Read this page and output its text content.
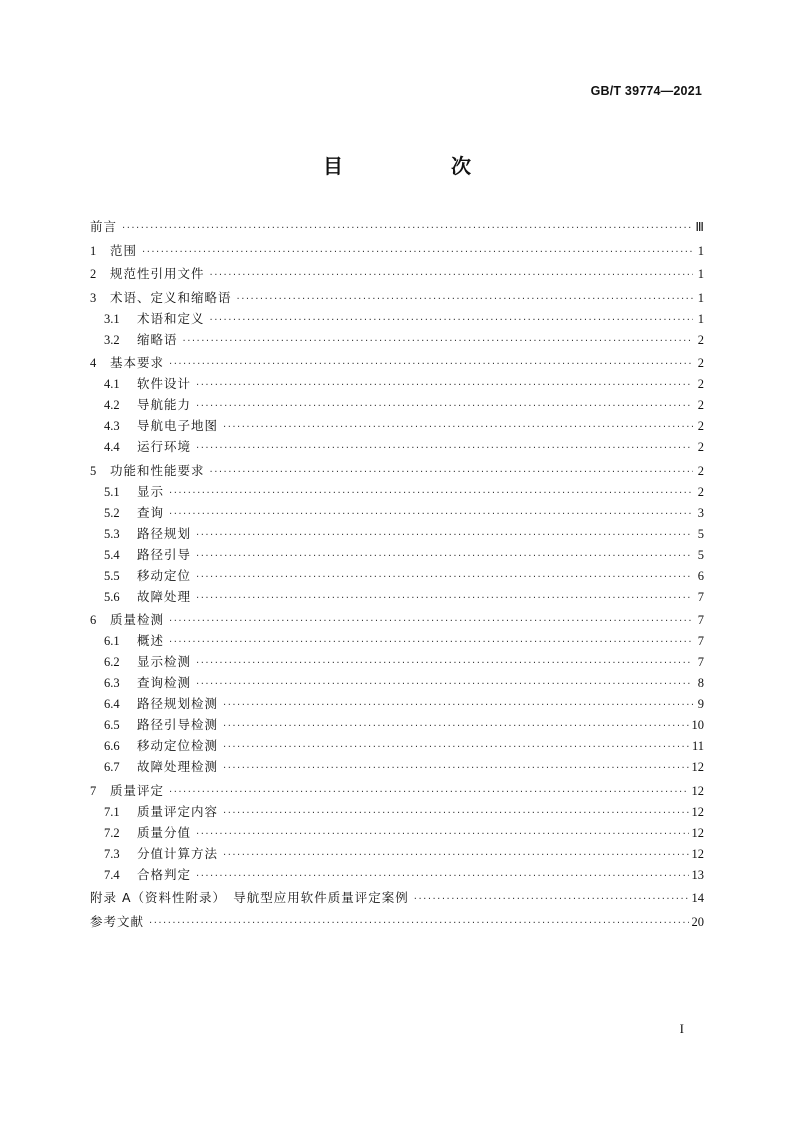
GB/T 39774—2021
目　次
前言 ·····	Ⅲ
1	范围 ·····	1
2	规范性引用文件 ·····	1
3	术语、定义和缩略语 ·····	1
3.1	术语和定义 ·····	1
3.2	缩略语 ·····	2
4	基本要求 ·····	2
4.1	软件设计 ·····	2
4.2	导航能力 ·····	2
4.3	导航电子地图 ·····	2
4.4	运行环境 ·····	2
5	功能和性能要求 ·····	2
5.1	显示 ·····	2
5.2	查询 ·····	3
5.3	路径规划 ·····	5
5.4	路径引导 ·····	5
5.5	移动定位 ·····	6
5.6	故障处理 ·····	7
6	质量检测 ·····	7
6.1	概述 ·····	7
6.2	显示检测 ·····	7
6.3	查询检测 ·····	8
6.4	路径规划检测 ·····	9
6.5	路径引导检测 ·····	10
6.6	移动定位检测 ·····	11
6.7	故障处理检测 ·····	12
7	质量评定 ·····	12
7.1	质量评定内容 ·····	12
7.2	质量分值 ·····	12
7.3	分值计算方法 ·····	12
7.4	合格判定 ·····	13
附录 A（资料性附录）　导航型应用软件质量评定案例 ·····	14
参考文献 ·····	20
I
